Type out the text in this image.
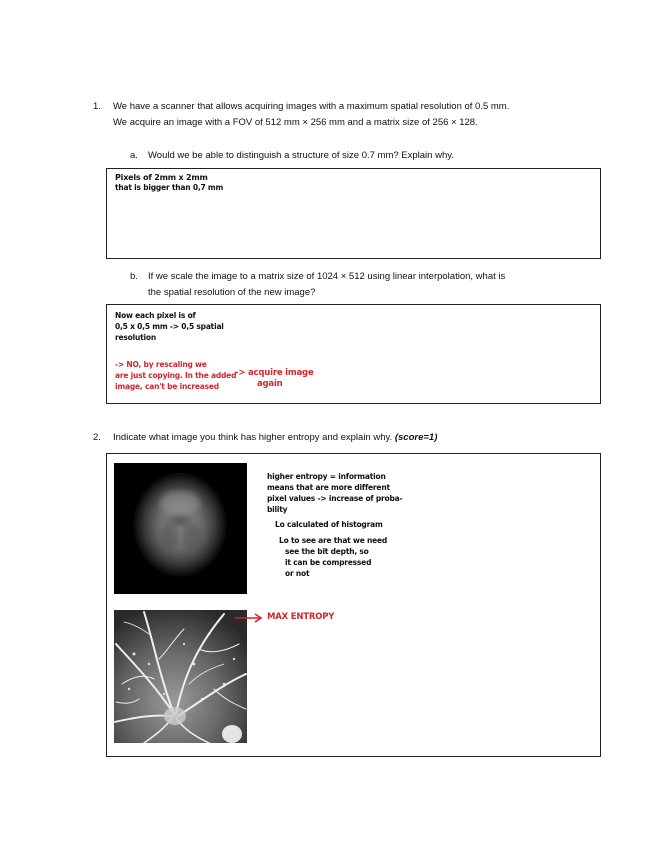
1. We have a scanner that allows acquiring images with a maximum spatial resolution of 0.5 mm.
We acquire an image with a FOV of 512 mm × 256 mm and a matrix size of 256 × 128.
a. Would we be able to distinguish a structure of size 0.7 mm? Explain why.
Pixels of 2mm x 2mm
that is bigger than 0,7 mm
b. If we scale the image to a matrix size of 1024 × 512 using linear interpolation, what is
the spatial resolution of the new image?
Now each pixel is of
0,5 x 0,5 mm -> 0,5 spatial
resolution
-> NO, by rescaling we
are just copying. In the added
image, can't be increased
-> acquire image
again
2. Indicate what image you think has higher entropy and explain why. (score=1)
higher entropy = information
means that are more different
pixel values -> increase of proba-
bility
Lo calculated of histogram
Lo to see are that we need
see the bit depth, so
it can be compressed
or not
MAX ENTROPY
